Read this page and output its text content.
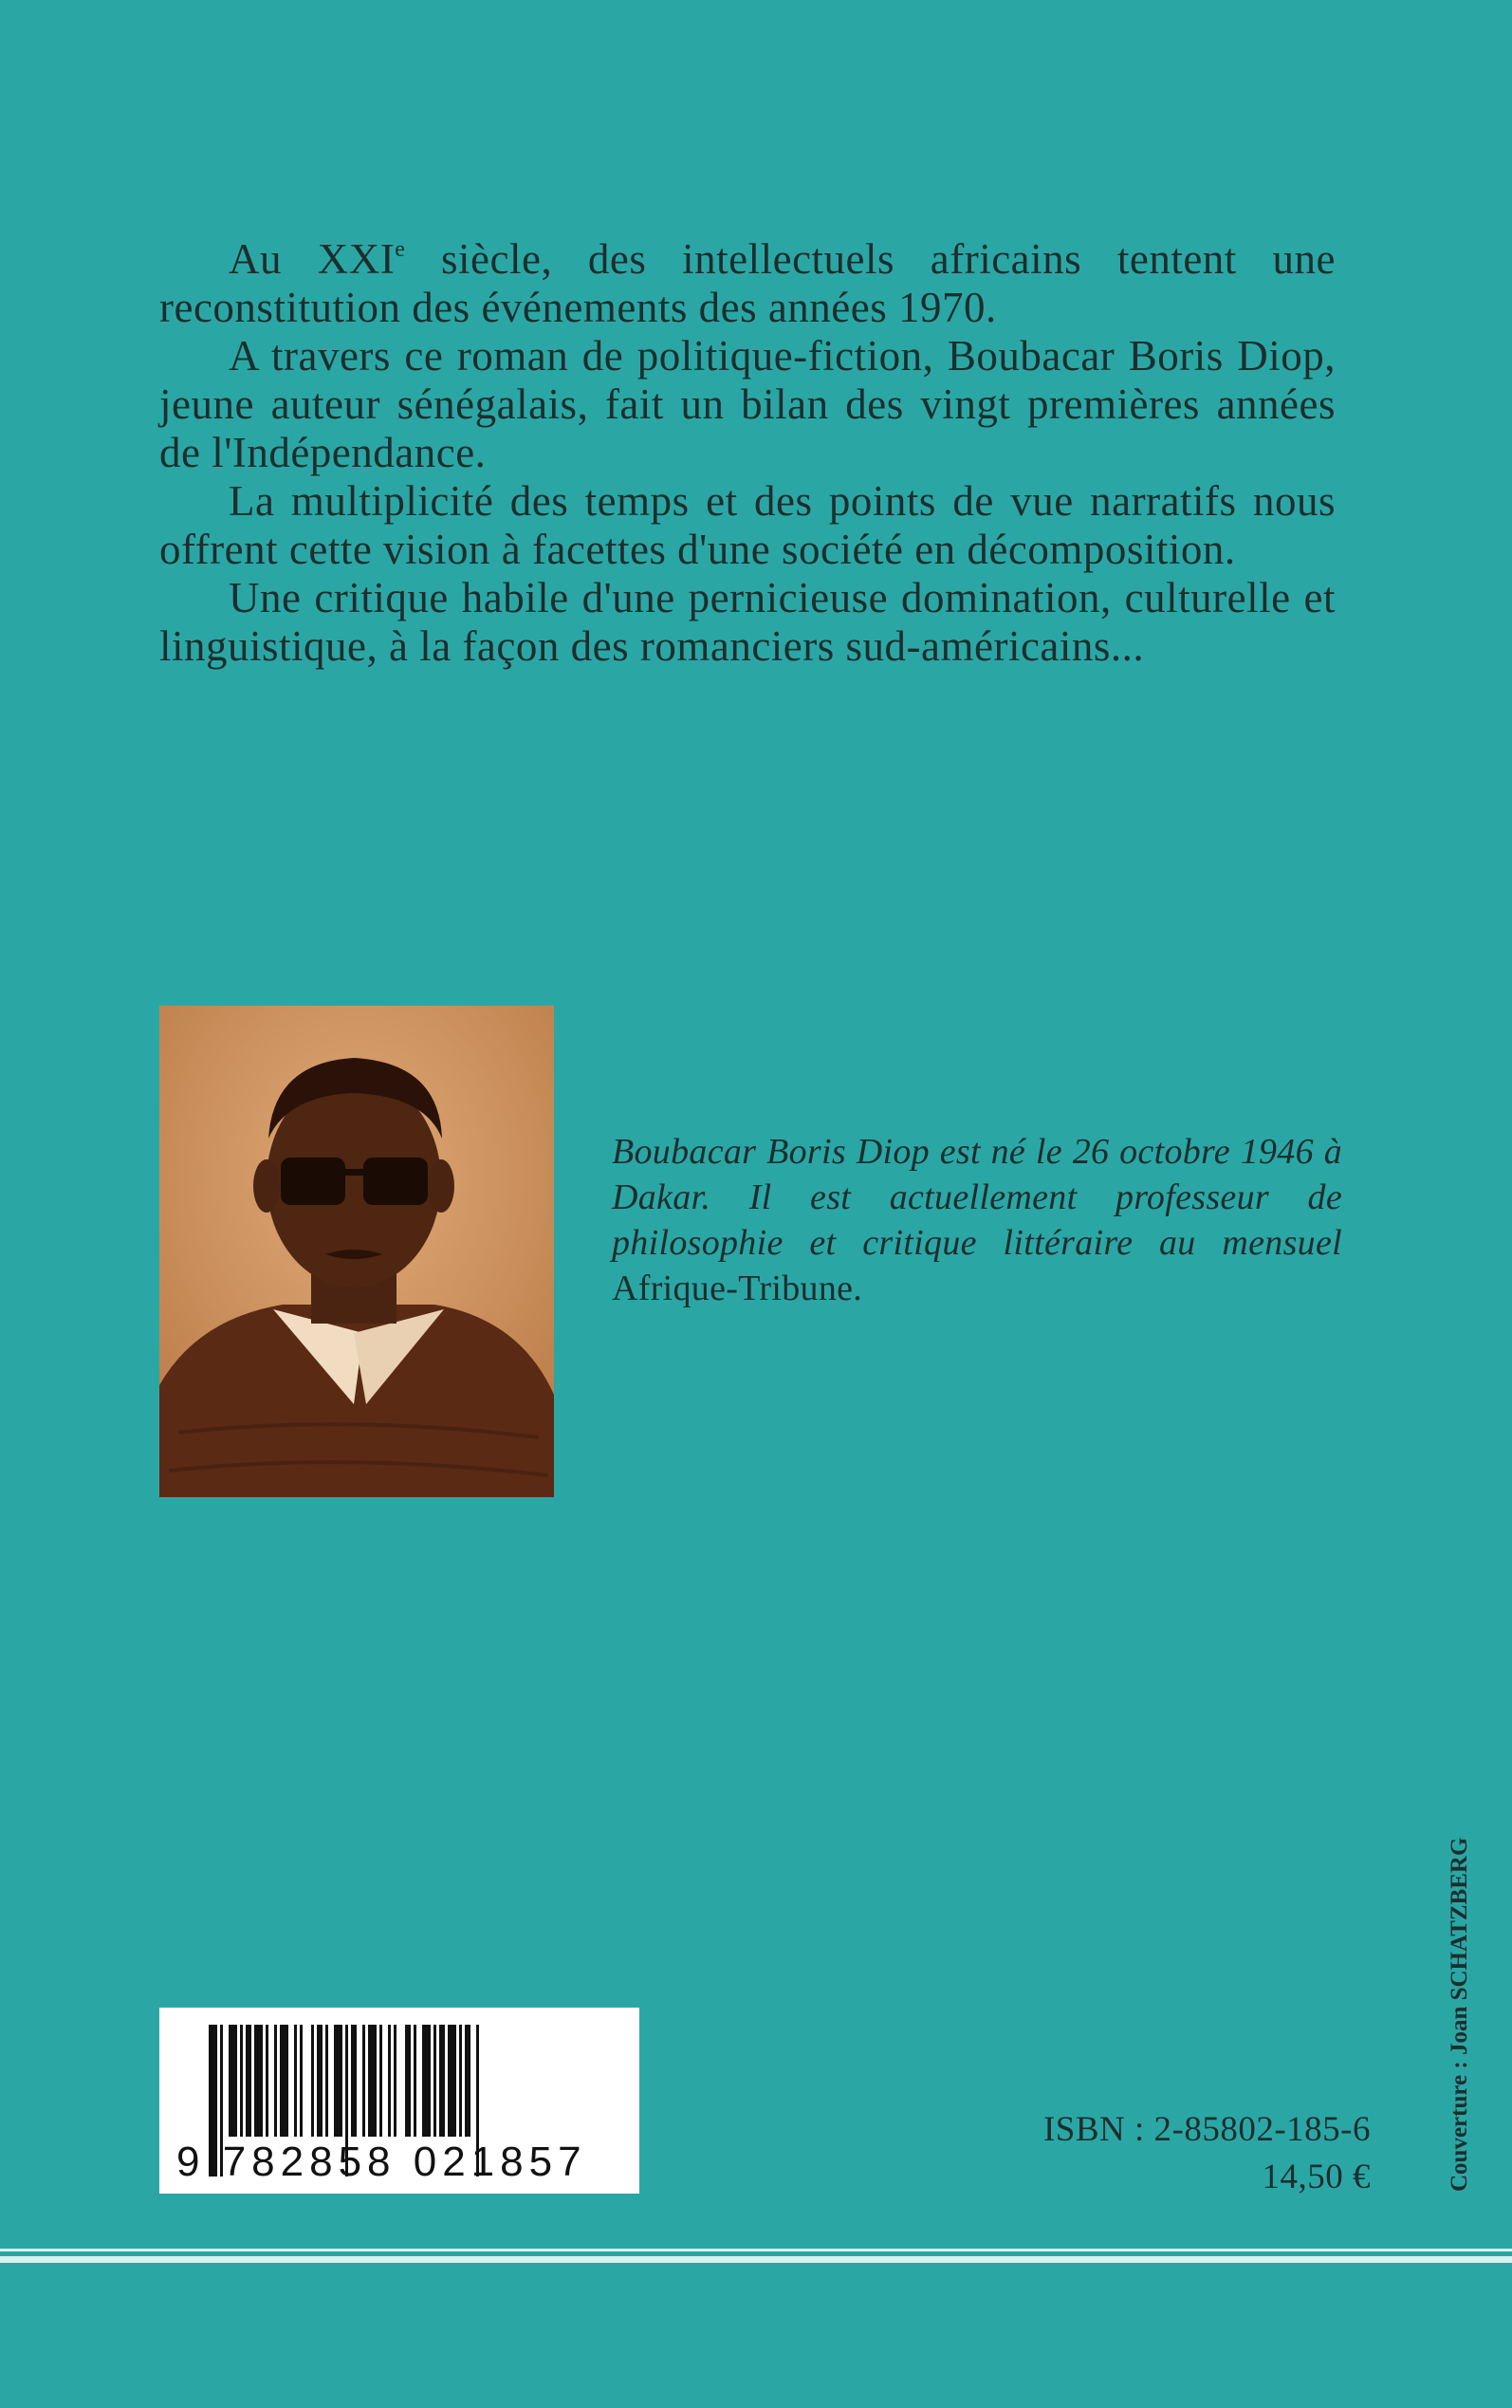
Au XXIe siècle, des intellectuels africains tentent une reconstitution des événements des années 1970.

A travers ce roman de politique-fiction, Boubacar Boris Diop, jeune auteur sénégalais, fait un bilan des vingt premières années de l'Indépendance.

La multiplicité des temps et des points de vue narratifs nous offrent cette vision à facettes d'une société en décomposition.

Une critique habile d'une pernicieuse domination, culturelle et linguistique, à la façon des romanciers sud-américains...

Boubacar Boris Diop est né le 26 octobre 1946 à Dakar. Il est actuellement professeur de philosophie et critique littéraire au mensuel Afrique-Tribune.
9 782858 021857
ISBN : 2-85802-185-6
14,50 €	Couverture : Joan SCHATZBERG
